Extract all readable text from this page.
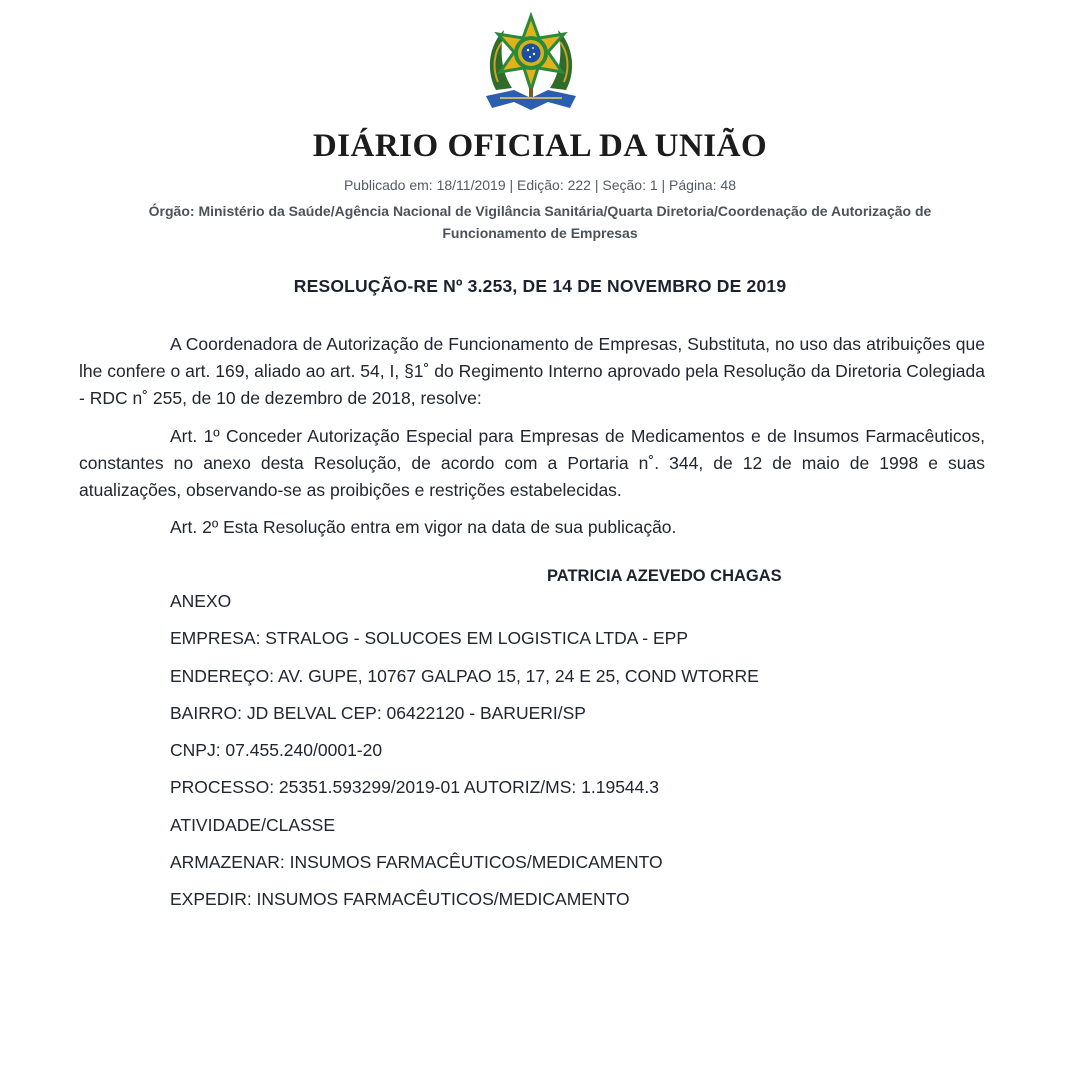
DIÁRIO OFICIAL DA UNIÃO
Publicado em: 18/11/2019 | Edição: 222 | Seção: 1 | Página: 48
Órgão: Ministério da Saúde/Agência Nacional de Vigilância Sanitária/Quarta Diretoria/Coordenação de Autorização de Funcionamento de Empresas
RESOLUÇÃO-RE Nº 3.253, DE 14 DE NOVEMBRO DE 2019

A Coordenadora de Autorização de Funcionamento de Empresas, Substituta, no uso das atribuições que lhe confere o art. 169, aliado ao art. 54, I, §1˚ do Regimento Interno aprovado pela Resolução da Diretoria Colegiada - RDC n˚ 255, de 10 de dezembro de 2018, resolve:

Art. 1º Conceder Autorização Especial para Empresas de Medicamentos e de Insumos Farmacêuticos, constantes no anexo desta Resolução, de acordo com a Portaria n˚. 344, de 12 de maio de 1998 e suas atualizações, observando-se as proibições e restrições estabelecidas.

Art. 2º Esta Resolução entra em vigor na data de sua publicação.

PATRICIA AZEVEDO CHAGAS
ANEXO
EMPRESA: STRALOG - SOLUCOES EM LOGISTICA LTDA - EPP
ENDEREÇO: AV. GUPE, 10767 GALPAO 15, 17, 24 E 25, COND WTORRE
BAIRRO: JD BELVAL CEP: 06422120 - BARUERI/SP
CNPJ: 07.455.240/0001-20
PROCESSO: 25351.593299/2019-01 AUTORIZ/MS: 1.19544.3
ATIVIDADE/CLASSE
ARMAZENAR: INSUMOS FARMACÊUTICOS/MEDICAMENTO
EXPEDIR: INSUMOS FARMACÊUTICOS/MEDICAMENTO
